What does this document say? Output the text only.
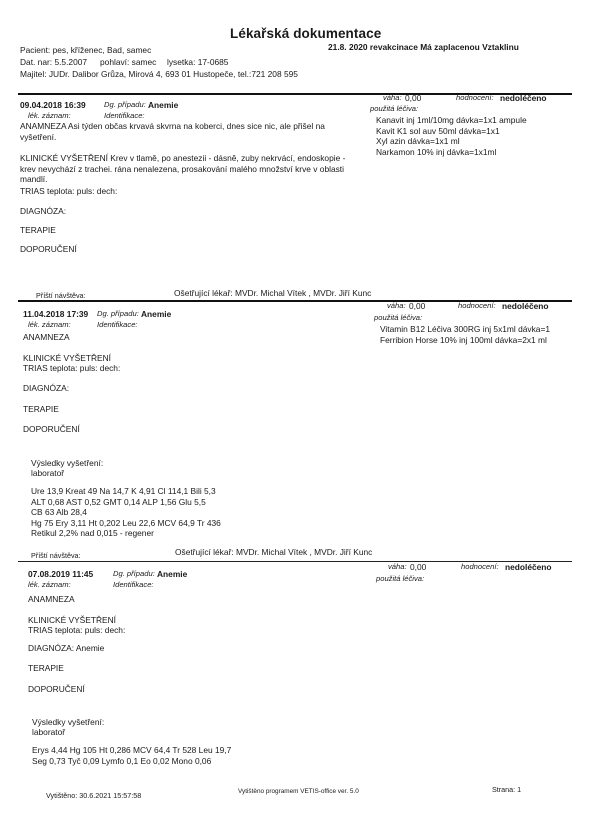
Lékařská dokumentace
21.8. 2020 revakcinace Má zaplacenou Vztaklinu
Pacient: pes, kříženec, Bad, samec
Dat. nar: 5.5.2007 pohlaví: samec lysetka: 17-0685
Majitel: JUDr. Dalibor Grůza, Mirová 4, 693 01 Hustopeče, tel.:721 208 595
09.04.2018 16:39 Dg. případu: Anemie
lék. záznam:	Identifikace:
váha: 0,00	hodnocení: nedoléčeno
použitá léčiva:
Kanavit inj 1ml/10mg dávka=1x1 ampule
Kavit K1 sol auv 50ml dávka=1x1
Xyl azin dávka=1x1 ml
Narkamon 10% inj dávka=1x1ml
ANAMNEZA Asi týden občas krvavá skvrna na koberci, dnes sice nic, ale přišel na vyšetření.
KLINICKÉ VYŠETŘENÍ Krev v tlamě, po anestezii - dásně, zuby nekrvácí, endoskopie - krev nevychází z trachei. rána nenalezena, prosakování malého množství krve v oblasti mandlí.
TRIAS teplota: puls: dech:
DIAGNÓZA:
TERAPIE
DOPORUČENÍ
Příští návštěva:	Ošetřující lékař: MVDr. Michal Vítek , MVDr. Jiří Kunc
11.04.2018 17:39 Dg. případu: Anemie
lék. záznam:	Identifikace:
váha: 0,00	hodnocení: nedoléčeno
použitá léčiva:
Vitamin B12 Léčiva 300RG inj 5x1ml dávka=1
Ferribion Horse 10% inj 100ml dávka=2x1 ml
ANAMNEZA
KLINICKÉ VYŠETŘENÍ
TRIAS teplota: puls: dech:
DIAGNÓZA:
TERAPIE
DOPORUČENÍ
Výsledky vyšetření:
laboratoř
Ure 13,9 Kreat 49 Na 14,7 K 4,91 Cl 114,1 Bili 5,3
ALT 0,68 AST 0,52 GMT 0,14 ALP 1,56 Glu 5,5
CB 63 Alb 28,4
Hg 75 Ery 3,11 Ht 0,202 Leu 22,6 MCV 64,9 Tr 436
Retikul 2,2% nad 0,015 - regener
Příští návštěva:	Ošetřující lékař: MVDr. Michal Vítek , MVDr. Jiří Kunc
07.08.2019 11:45	Dg. případu: Anemie
lék. záznam:	Identifikace:
váha: 0,00	hodnocení: nedoléčeno
použitá léčiva:
ANAMNEZA
KLINICKÉ VYŠETŘENÍ
TRIAS teplota: puls: dech:
DIAGNÓZA: Anemie
TERAPIE
DOPORUČENÍ
Výsledky vyšetření:
laboratoř
Erys 4,44 Hg 105 Ht 0,286 MCV 64,4 Tr 528 Leu 19,7
Seg 0,73 Tyč 0,09 Lymfo 0,1 Eo 0,02 Mono 0,06
Vytištěno: 30.6.2021 15:57:58	Vytištěno programem VETIS-office ver. 5.0	Strana: 1
